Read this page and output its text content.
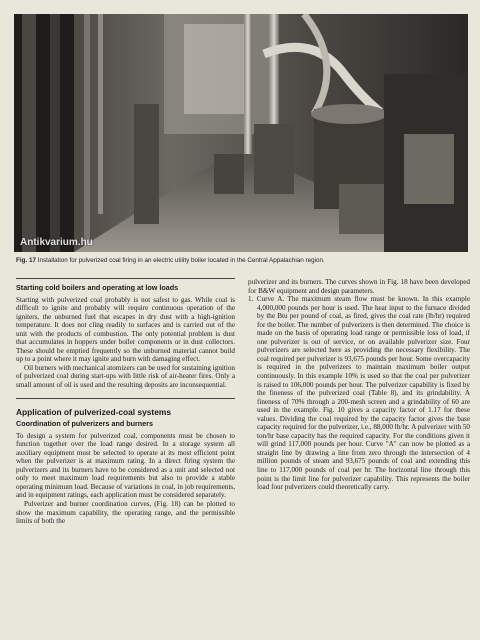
Antikvarium.hu
Fig. 17 Installation for pulverized coal firing in an electric utility boiler located in the Central Appalachian region.
Starting cold boilers and operating at low loads

Starting with pulverized coal probably is not safest to gas. While coal is difficult to ignite and probably will require continuous operation of the igniters, the unburned fuel that escapes in dry dust with a high-ignition temperature. It does not cling readily to surfaces and is carried out of the unit with the products of combustion. The only potential problem is dust that accumulates in hoppers under boiler components or in dust collectors. These should be emptied frequently so the unburned material cannot build up to a point where it may ignite and burn with damaging effect.

Oil burners with mechanical atomizers can be used for sustaining ignition of pulverized coal during start-ups with little risk of air-heater fires. Only a small amount of oil is used and the resulting deposits are inconsequential.

Application of pulverized-coal systems
Coordination of pulverizers and burners

To design a system for pulverized coal, components must be chosen to function together over the load range desired. In a storage system all auxiliary equipment must be selected to operate at its most efficient point when the pulverizer is at maximum rating. In a direct firing system the pulverizers and its burners have to be considered as a unit and selected not only to meet maximum load requirements but also to provide a stable operating minimum load. Because of variations in coal, in job requirements, and in equipment ratings, each application must be considered separately.

Pulverizer and burner coordination curves, (Fig. 18) can be plotted to show the maximum capability, the operating range, and the permissible limits of both the

pulverizer and its burners. The curves shown in Fig. 18 have been developed for B&W equipment and design parameters.

1. Curve A. The maximum steam flow must be known. In this example 4,000,000 pounds per hour is used. The heat input to the furnace divided by the Btu per pound of coal, as fired, gives the coal rate (lb/hr) required for the boiler. The number of pulverizers is then determined. The choice is made on the basis of operating load range or permissible loss of load, if one pulverizer is out of service, or on available pulverizer size. Four pulverizers are selected here as providing the necessary flexibility. The coal required per pulverizer is 93,675 pounds per hour. Some overcapacity is required in the pulverizers to maintain maximum boiler output continuously. In this example 10% is used so that the coal per pulverizer is raised to 106,000 pounds per hour. The pulverizer capability is fixed by the fineness of the pulverized coal (Table 8), and its grindability. A fineness of 70% through a 200-mesh screen and a grindability of 60 are used in the example. Fig. 10 gives a capacity factor of 1.17 for these values. Dividing the coal required by the capacity factor gives the base capacity required for the pulverizer, i.e., 88,000 lb/hr. A pulverizer with 50 ton/hr base capacity has the required capacity. For the conditions given it will grind 117,000 pounds per hour. Curve "A" can now be plotted as a straight line by drawing a line from zero through the intersection of 4 million pounds of steam and 93,675 pounds of coal and extending this line to 117,000 pounds of coal per hr. The horizontal line through this point is the limit line for pulverizer capability. This represents the boiler load four pulverizers could theoretically carry.
